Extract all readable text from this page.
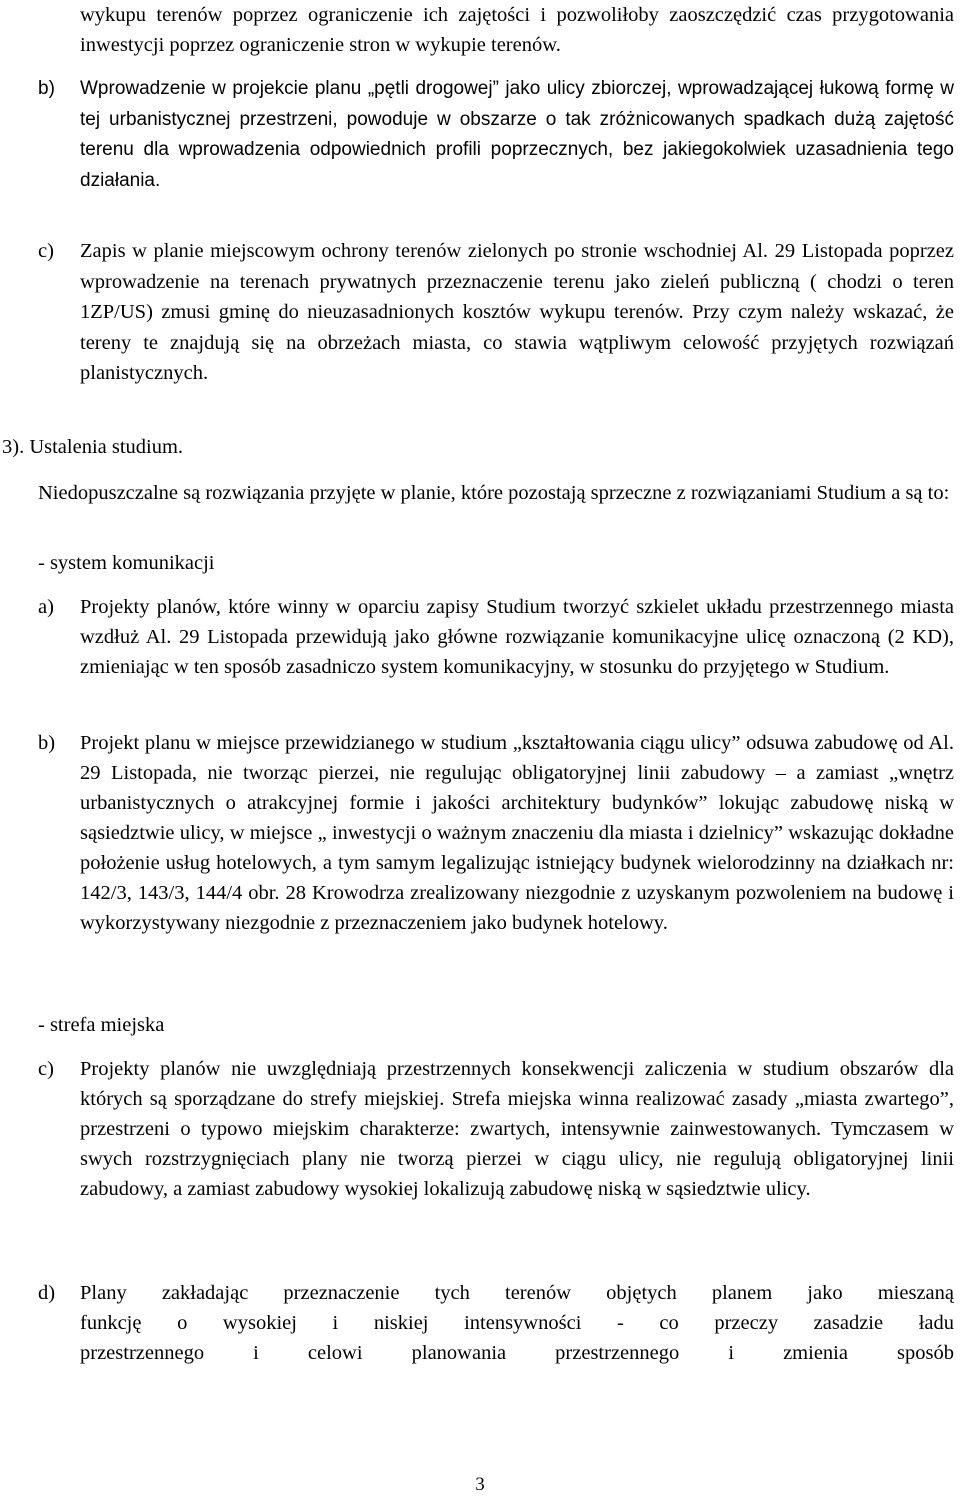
wykupu terenów poprzez ograniczenie ich zajętości i pozwoliłoby zaoszczędzić czas przygotowania inwestycji poprzez ograniczenie stron w wykupie terenów.

b)	Wprowadzenie w projekcie planu „pętli drogowej” jako ulicy zbiorczej, wprowadzającej łukową formę w tej urbanistycznej przestrzeni, powoduje w obszarze o tak zróżnicowanych spadkach dużą zajętość terenu dla wprowadzenia odpowiednich profili poprzecznych, bez jakiegokolwiek uzasadnienia tego działania.
c)	Zapis w planie miejscowym ochrony terenów zielonych po stronie wschodniej Al. 29 Listopada poprzez wprowadzenie na terenach prywatnych przeznaczenie terenu jako zieleń publiczną ( chodzi o teren 1ZP/US) zmusi gminę do nieuzasadnionych kosztów wykupu terenów. Przy czym należy wskazać, że tereny te znajdują się na obrzeżach miasta, co stawia wątpliwym celowość przyjętych rozwiązań planistycznych.
3). Ustalenia studium.

Niedopuszczalne są rozwiązania przyjęte w planie, które pozostają sprzeczne z rozwiązaniami Studium a są to:

- system komunikacji
a)	Projekty planów, które winny w oparciu zapisy Studium tworzyć szkielet układu przestrzennego miasta wzdłuż Al. 29 Listopada przewidują jako główne rozwiązanie komunikacyjne ulicę oznaczoną (2 KD), zmieniając w ten sposób zasadniczo system komunikacyjny, w stosunku do przyjętego w Studium.
b)	Projekt planu w miejsce przewidzianego w studium „kształtowania ciągu ulicy” odsuwa zabudowę od Al. 29 Listopada, nie tworząc pierzei, nie regulując obligatoryjnej linii zabudowy – a zamiast „wnętrz urbanistycznych o atrakcyjnej formie i jakości architektury budynków” lokując zabudowę niską w sąsiedztwie ulicy, w miejsce „ inwestycji o ważnym znaczeniu dla miasta i dzielnicy” wskazując dokładne położenie usług hotelowych, a tym samym legalizując istniejący budynek wielorodzinny na działkach nr: 142/3, 143/3, 144/4 obr. 28 Krowodrza zrealizowany niezgodnie z uzyskanym pozwoleniem na budowę i wykorzystywany niezgodnie z przeznaczeniem jako budynek hotelowy.
- strefa miejska
c)	Projekty planów nie uwzględniają przestrzennych konsekwencji zaliczenia w studium obszarów dla których są sporządzane do strefy miejskiej. Strefa miejska winna realizować zasady „miasta zwartego”, przestrzeni o typowo miejskim charakterze: zwartych, intensywnie zainwestowanych. Tymczasem w swych rozstrzygnięciach plany nie tworzą pierzei w ciągu ulicy, nie regulują obligatoryjnej linii zabudowy, a zamiast zabudowy wysokiej lokalizują zabudowę niską w sąsiedztwie ulicy.
d)	Plany zakładając przeznaczenie tych terenów objętych planem jako mieszaną
funkcję o wysokiej i niskiej intensywności - co przeczy zasadzie ładu
przestrzennego i celowi planowania przestrzennego i zmienia sposób
3
